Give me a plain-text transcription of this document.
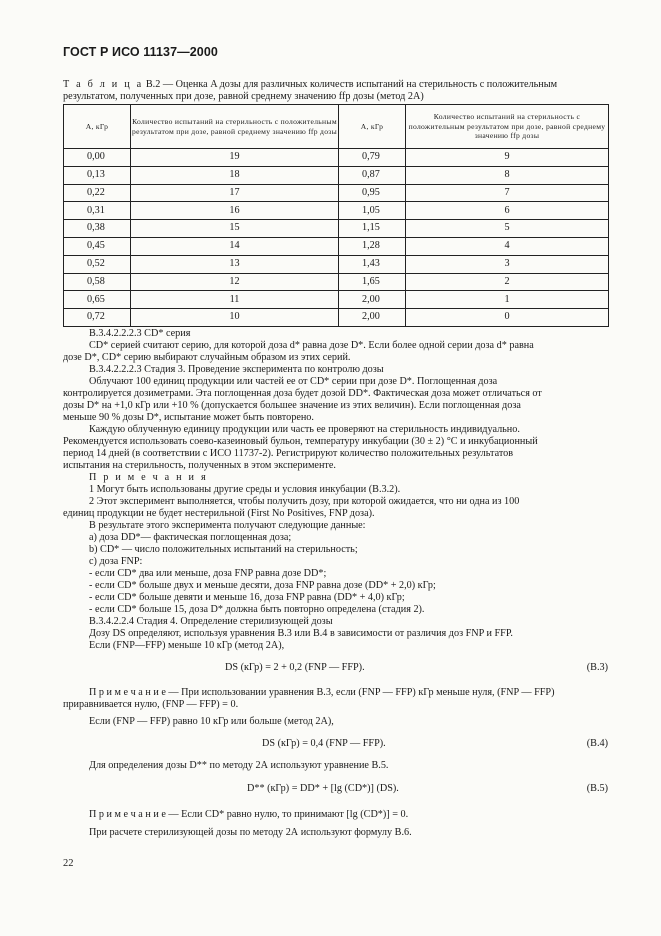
ГОСТ Р ИСО 11137—2000
Т а б л и ц а В.2 — Оценка A дозы для различных количеств испытаний на стерильность с положительным
результатом, полученных при дозе, равной среднему значению ffp дозы (метод 2А)
A, кГр	Количество испытаний на стерильность с положительным результатом при дозе, равной среднему значению ffp дозы	A, кГр	Количество испытаний на стерильность с положительным результатом при дозе, равной среднему значению ffp дозы
0,00	19	0,79	9
0,13	18	0,87	8
0,22	17	0,95	7
0,31	16	1,05	6
0,38	15	1,15	5
0,45	14	1,28	4
0,52	13	1,43	3
0,58	12	1,65	2
0,65	11	2,00	1
0,72	10	2,00	0
В.3.4.2.2.2.3 CD* серия
CD* серией считают серию, для которой доза d* равна дозе D*. Если более одной серии доза d* равна
дозе D*, CD* серию выбирают случайным образом из этих серий.
В.3.4.2.2.2.3 Стадия 3. Проведение эксперимента по контролю дозы
Облучают 100 единиц продукции или частей ее от CD* серии при дозе D*. Поглощенная доза
контролируется дозиметрами. Эта поглощенная доза будет дозой DD*. Фактическая доза может отличаться от
дозы D* на +1,0 кГр или +10 % (допускается большее значение из этих величин). Если поглощенная доза
меньше 90 % дозы D*, испытание может быть повторено.
Каждую облученную единицу продукции или часть ее проверяют на стерильность индивидуально.
Рекомендуется использовать соево-казеиновый бульон, температуру инкубации (30 ± 2) °С и инкубационный
период 14 дней (в соответствии с ИСО 11737-2). Регистрируют количество положительных результатов
испытания на стерильность, полученных в этом эксперименте.
П р и м е ч а н и я
1 Могут быть использованы другие среды и условия инкубации (В.3.2).
2 Этот эксперимент выполняется, чтобы получить дозу, при которой ожидается, что ни одна из 100
единиц продукции не будет нестерильной (First No Positives, FNP доза).
В результате этого эксперимента получают следующие данные:
а) доза DD*— фактическая поглощенная доза;
b) CD* — число положительных испытаний на стерильность;
с) доза FNP:
- если CD* два или меньше, доза FNP равна дозе DD*;
- если CD* больше двух и меньше десяти, доза FNP равна дозе (DD* + 2,0) кГр;
- если CD* больше девяти и меньше 16, доза FNP равна (DD* + 4,0) кГр;
- если CD* больше 15, доза D* должна быть повторно определена (стадия 2).
В.3.4.2.2.4 Стадия 4. Определение стерилизующей дозы
Дозу DS определяют, используя уравнения В.3 или В.4 в зависимости от различия доз FNP и FFP.
Если (FNP—FFP) меньше 10 кГр (метод 2А),
DS (кГр) = 2 + 0,2 (FNP — FFP).	(В.3)
П р и м е ч а н и е — При использовании уравнения В.3, если (FNP — FFP) кГр меньше нуля, (FNP — FFP)
приравнивается нулю, (FNP — FFP) = 0.
Если (FNP — FFP) равно 10 кГр или больше (метод 2А),
DS (кГр) = 0,4 (FNP — FFP).	(В.4)
Для определения дозы D** по методу 2А используют уравнение В.5.
D** (кГр) = DD* + [lg (CD*)] (DS).	(В.5)
П р и м е ч а н и е — Если CD* равно нулю, то принимают [lg (CD*)] = 0.
При расчете стерилизующей дозы по методу 2А используют формулу В.6.
22
